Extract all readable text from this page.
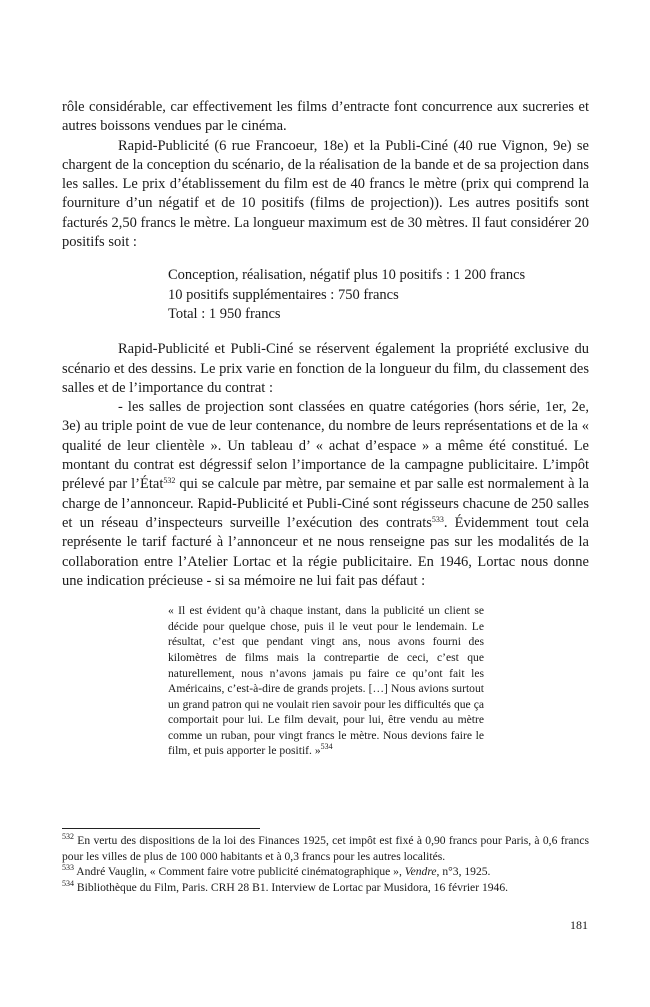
rôle considérable, car effectivement les films d’entracte font concurrence aux sucreries et autres boissons vendues par le cinéma.

Rapid-Publicité (6 rue Francoeur, 18e) et la Publi-Ciné (40 rue Vignon, 9e) se chargent de la conception du scénario, de la réalisation de la bande et de sa projection dans les salles. Le prix d’établissement du film est de 40 francs le mètre (prix qui comprend la fourniture d’un négatif et de 10 positifs (films de projection)). Les autres positifs sont facturés 2,50 francs le mètre. La longueur maximum est de 30 mètres. Il faut considérer 20 positifs soit :

Conception, réalisation, négatif plus 10 positifs : 1 200 francs
10 positifs supplémentaires : 750 francs
Total : 1 950 francs

Rapid-Publicité et Publi-Ciné se réservent également la propriété exclusive du scénario et des dessins. Le prix varie en fonction de la longueur du film, du classement des salles et de l’importance du contrat :

- les salles de projection sont classées en quatre catégories (hors série, 1er, 2e, 3e) au triple point de vue de leur contenance, du nombre de leurs représentations et de la « qualité de leur clientèle ». Un tableau d’ « achat d’espace » a même été constitué. Le montant du contrat est dégressif selon l’importance de la campagne publicitaire. L’impôt prélevé par l’État$^{532}$ qui se calcule par mètre, par semaine et par salle est normalement à la charge de l’annonceur. Rapid-Publicité et Publi-Ciné sont régisseurs chacune de 250 salles et un réseau d’inspecteurs surveille l’exécution des contrats$^{533}$. Évidemment tout cela représente le tarif facturé à l’annonceur et ne nous renseigne pas sur les modalités de la collaboration entre l’Atelier Lortac et la régie publicitaire. En 1946, Lortac nous donne une indication précieuse - si sa mémoire ne lui fait pas défaut :

« Il est évident qu’à chaque instant, dans la publicité un client se décide pour quelque chose, puis il le veut pour le lendemain. Le résultat, c’est que pendant vingt ans, nous avons fourni des kilomètres de films mais la contrepartie de ceci, c’est que naturellement, nous n’avons jamais pu faire ce qu’ont fait les Américains, c’est-à-dire de grands projets. […] Nous avions surtout un grand patron qui ne voulait rien savoir pour les difficultés que ça comportait pour lui. Le film devait, pour lui, être vendu au mètre comme un ruban, pour vingt francs le mètre. Nous devions faire le film, et puis apporter le positif. »$^{534}$

$^{532}$ En vertu des dispositions de la loi des Finances 1925, cet impôt est fixé à 0,90 francs pour Paris, à 0,6 francs pour les villes de plus de 100 000 habitants et à 0,3 francs pour les autres localités.

$^{533}$ André Vauglin, « Comment faire votre publicité cinématographique », Vendre, n°3, 1925.

$^{534}$ Bibliothèque du Film, Paris. CRH 28 B1. Interview de Lortac par Musidora, 16 février 1946.

181
